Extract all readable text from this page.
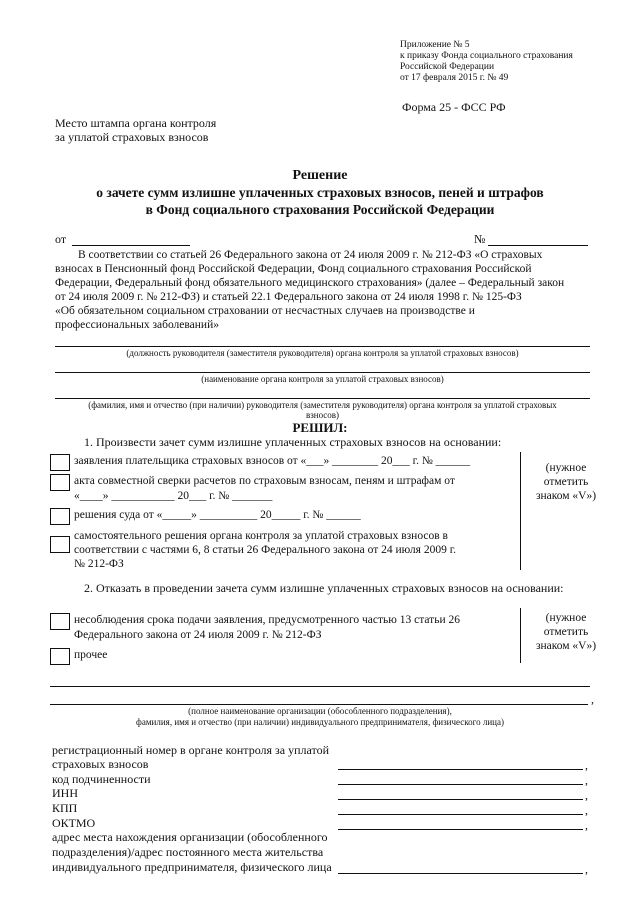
Приложение № 5
к приказу Фонда социального страхования
Российской Федерации
от 17 февраля 2015 г. № 49
Форма 25 - ФСС РФ
Место штампа органа контроля
за уплатой страховых взносов
Решение
о зачете сумм излишне уплаченных страховых взносов, пеней и штрафов
в Фонд социального страхования Российской Федерации
от	№
В соответствии со статьей 26 Федерального закона от 24 июля 2009 г. № 212-ФЗ «О страховых
взносах в Пенсионный фонд Российской Федерации, Фонд социального страхования Российской
Федерации, Федеральный фонд обязательного медицинского страхования» (далее – Федеральный закон
от 24 июля 2009 г. № 212-ФЗ) и статьей 22.1 Федерального закона от 24 июля 1998 г. № 125-ФЗ
«Об обязательном социальном страховании от несчастных случаев на производстве и
профессиональных заболеваний»
(должность руководителя (заместителя руководителя) органа контроля за уплатой страховых взносов)
(наименование органа контроля за уплатой страховых взносов)
(фамилия, имя и отчество (при наличии) руководителя (заместителя руководителя) органа контроля за уплатой страховых
взносов)
РЕШИЛ:
1. Произвести зачет сумм излишне уплаченных страховых взносов на основании:
заявления плательщика страховых взносов от «___» ________ 20___ г. № ______
акта совместной сверки расчетов по страховым взносам, пеням и штрафам от
«____» ___________ 20___ г. № _______
решения суда от «_____» __________ 20_____ г. № ______
самостоятельного решения органа контроля за уплатой страховых взносов в
соответствии с частями 6, 8 статьи 26 Федерального закона от 24 июля 2009 г.
№ 212-ФЗ
(нужное
отметить
знаком «V»)
2. Отказать в проведении зачета сумм излишне уплаченных страховых взносов на основании:
несоблюдения срока подачи заявления, предусмотренного частью 13 статьи 26
Федерального закона от 24 июля 2009 г. № 212-ФЗ
прочее
(нужное
отметить
знаком «V»)
,
(полное наименование организации (обособленного подразделения),
фамилия, имя и отчество (при наличии) индивидуального предпринимателя, физического лица)
регистрационный номер в органе контроля за уплатой
страховых взносов	,
код подчиненности	,
ИНН	,
КПП	,
ОКТМО	,
адрес места нахождения организации (обособленного
подразделения)/адрес постоянного места жительства
индивидуального предпринимателя, физического лица	,
